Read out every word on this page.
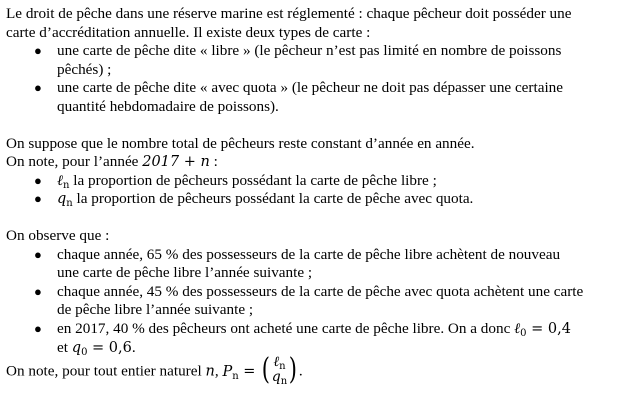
Le droit de pêche dans une réserve marine est réglementé : chaque pêcheur doit posséder une

carte d’accréditation annuelle. Il existe deux types de carte :

● une carte de pêche dite « libre » (le pêcheur n’est pas limité en nombre de poissons
pêchés) ;
● une carte de pêche dite « avec quota » (le pêcheur ne doit pas dépasser une certaine
quantité hebdomadaire de poissons).

On suppose que le nombre total de pêcheurs reste constant d’année en année.

On note, pour l’année 2017 + n :

● ℓ$_n$ la proportion de pêcheurs possédant la carte de pêche libre ;
● $q_n$ la proportion de pêcheurs possédant la carte de pêche avec quota.

On observe que :

● chaque année, 65 % des possesseurs de la carte de pêche libre achètent de nouveau
une carte de pêche libre l’année suivante ;
● chaque année, 45 % des possesseurs de la carte de pêche avec quota achètent une carte
de pêche libre l’année suivante ;
● en 2017, 40 % des pêcheurs ont acheté une carte de pêche libre. On a donc ℓ$_0$ = 0,4
et $q_0 = 0,6$.

On note, pour tout entier naturel n, $P_n$ = ( ℓ$_n$
$q_n$ ) .
